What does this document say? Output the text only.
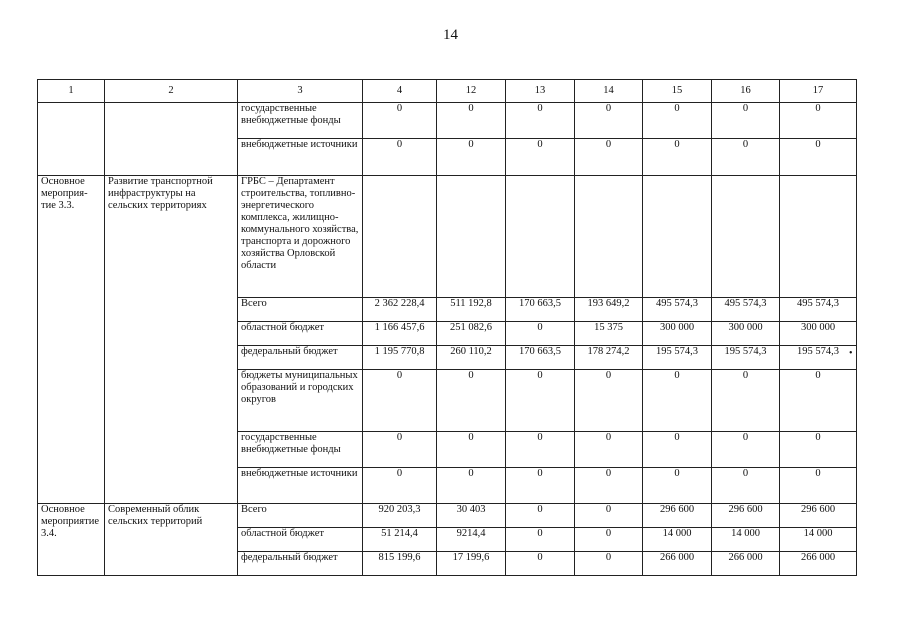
14
1	2	3	4	12	13	14	15	16	17
		государственные внебюджетные фонды	0	0	0	0	0	0	0
		внебюджетные источники	0	0	0	0	0	0	0
Основное мероприя-тие 3.3.	Развитие транспортной инфраструктуры на сельских территориях	ГРБС – Департамент строительства, топливно-энергетического комплекса, жилищно-коммунального хозяйства, транспорта и дорожного хозяйства Орловской области							
		Всего	2 362 228,4	511 192,8	170 663,5	193 649,2	495 574,3	495 574,3	495 574,3
		областной бюджет	1 166 457,6	251 082,6	0	15 375	300 000	300 000	300 000
		федеральный бюджет	1 195 770,8	260 110,2	170 663,5	178 274,2	195 574,3	195 574,3	195 574,3
		бюджеты муниципальных образований и городских округов	0	0	0	0	0	0	0
		государственные внебюджетные фонды	0	0	0	0	0	0	0
		внебюджетные источники	0	0	0	0	0	0	0
Основное мероприятие 3.4.	Современный облик сельских территорий	Всего	920 203,3	30 403	0	0	296 600	296 600	296 600
		областной бюджет	51 214,4	9214,4	0	0	14 000	14 000	14 000
		федеральный бюджет	815 199,6	17 199,6	0	0	266 000	266 000	266 000
•
